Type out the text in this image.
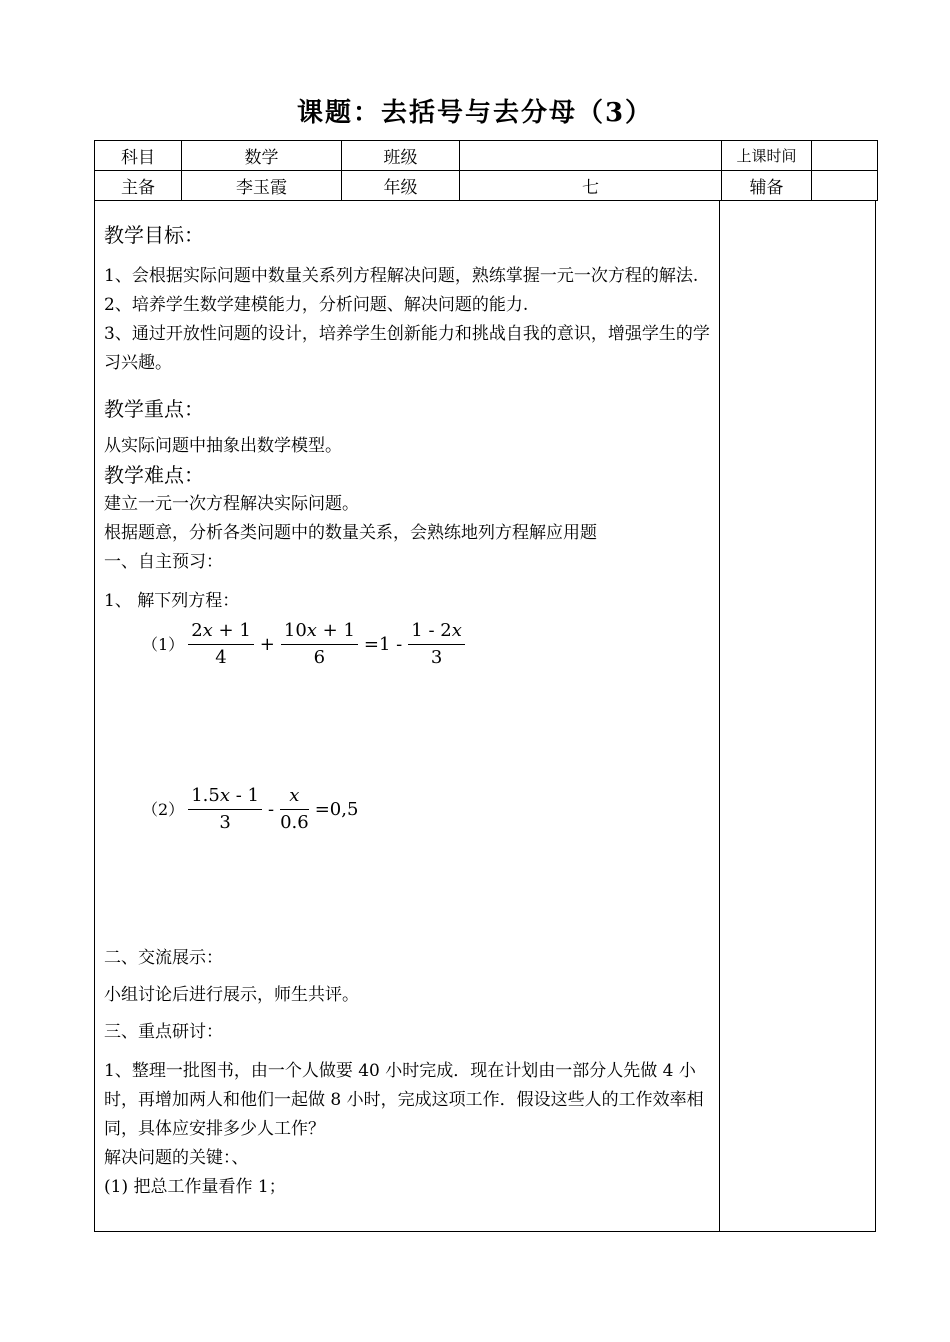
课题：去括号与去分母（3）
科目	数学	班级		上课时间	
主备	李玉霞	年级	七	辅备	

教学目标：

1、会根据实际问题中数量关系列方程解决问题，熟练掌握一元一次方程的解法.

2、培养学生数学建模能力，分析问题、解决问题的能力.

3、通过开放性问题的设计，培养学生创新能力和挑战自我的意识，增强学生的学习兴趣。

教学重点：

从实际问题中抽象出数学模型。

教学难点：

建立一元一次方程解决实际问题。

根据题意，分析各类问题中的数量关系，会熟练地列方程解应用题

一、自主预习：

1、 解下列方程：

$(1) \frac{2x + 1}{4} + \frac{10x + 1}{6} =1 - \frac{1 - 2x}{3}$
$(2) \frac{1.5x - 1}{3} - \frac{x}{0.6} =0,5$

二、交流展示：

小组讨论后进行展示，师生共评。

三、重点研讨：

1、整理一批图书，由一个人做要 40 小时完成．现在计划由一部分人先做 4 小时，再增加两人和他们一起做 8 小时，完成这项工作．假设这些人的工作效率相同，具体应安排多少人工作？

解决问题的关键：、

(1) 把总工作量看作 1；
